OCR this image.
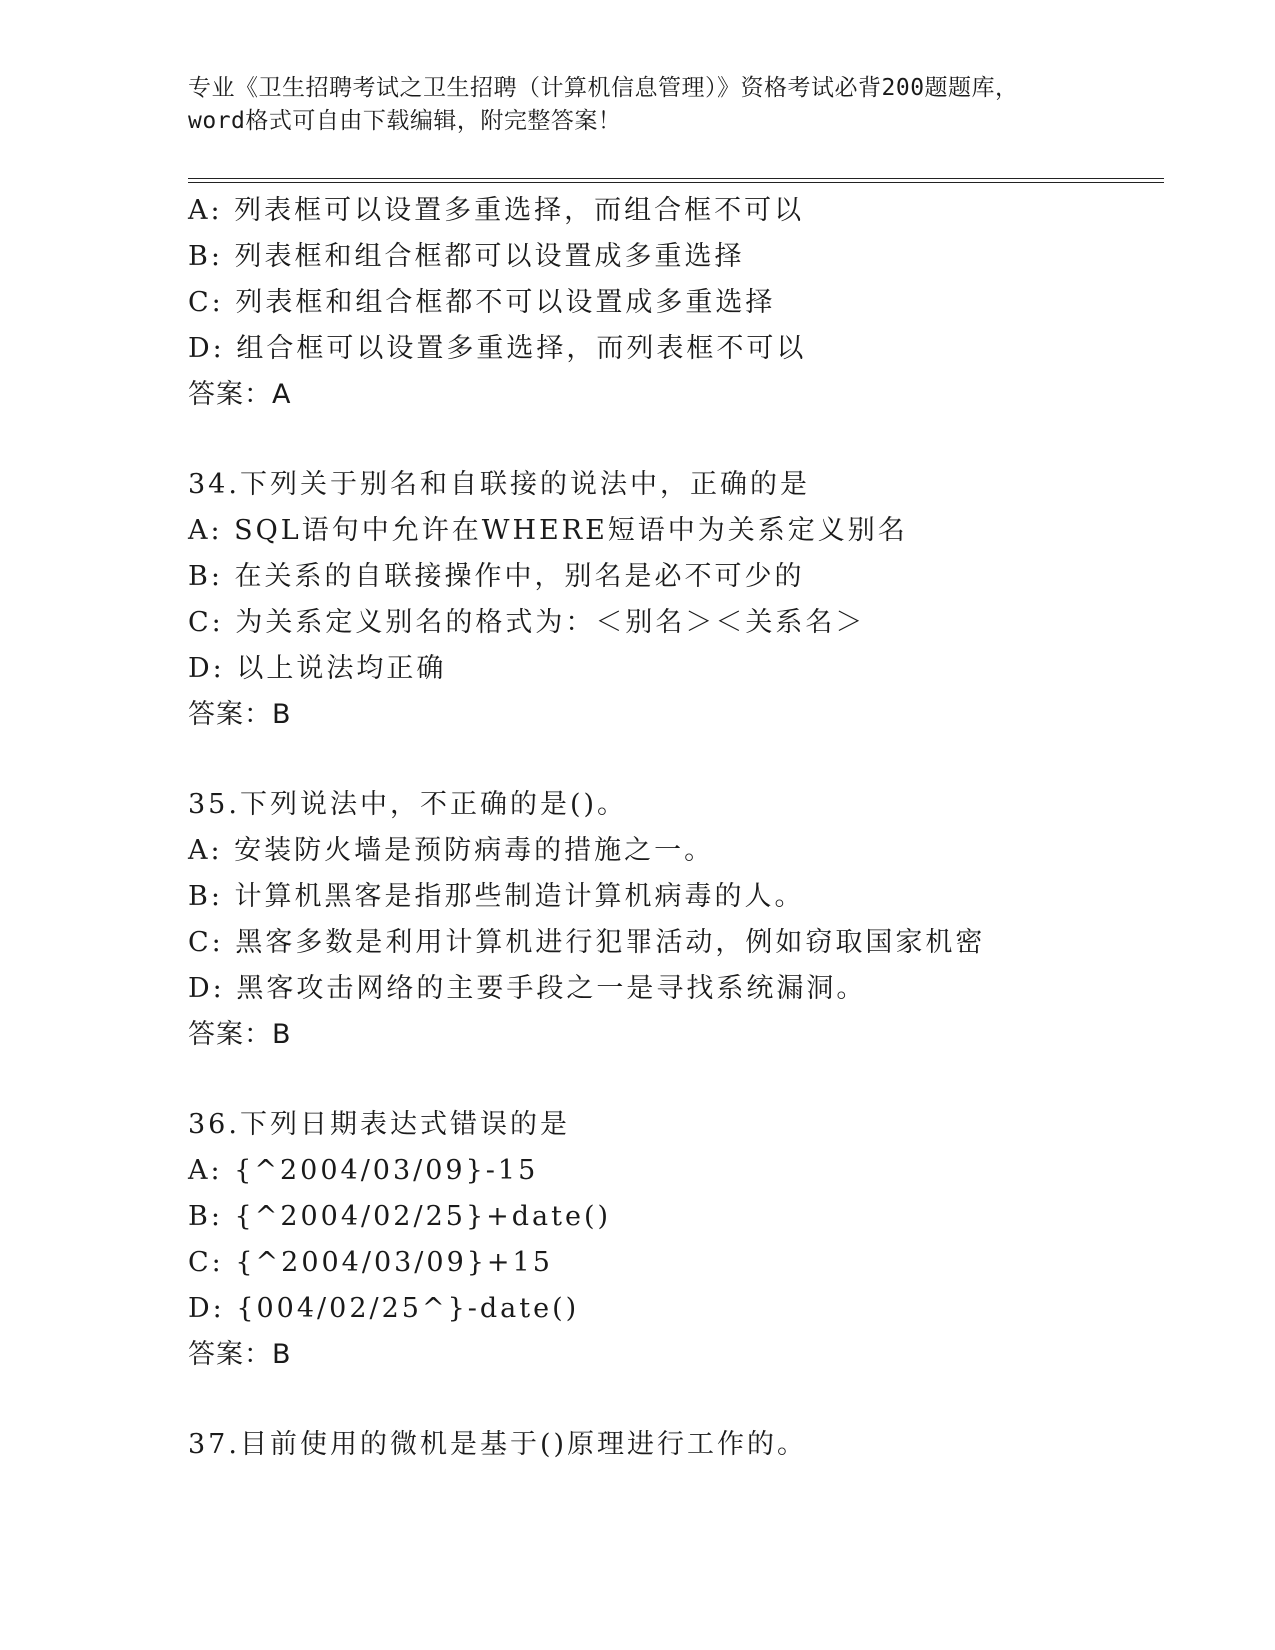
专业《卫生招聘考试之卫生招聘（计算机信息管理）》资格考试必背200题题库，
word格式可自由下载编辑，附完整答案！
A: 列表框可以设置多重选择，而组合框不可以
B: 列表框和组合框都可以设置成多重选择
C: 列表框和组合框都不可以设置成多重选择
D: 组合框可以设置多重选择，而列表框不可以
答案：A
34.下列关于别名和自联接的说法中，正确的是
A: SQL语句中允许在WHERE短语中为关系定义别名
B: 在关系的自联接操作中，别名是必不可少的
C: 为关系定义别名的格式为：＜别名＞＜关系名＞
D: 以上说法均正确
答案：B
35.下列说法中，不正确的是()。
A: 安装防火墙是预防病毒的措施之一。
B: 计算机黑客是指那些制造计算机病毒的人。
C: 黑客多数是利用计算机进行犯罪活动，例如窃取国家机密
D: 黑客攻击网络的主要手段之一是寻找系统漏洞。
答案：B
36.下列日期表达式错误的是
A: {^2004/03/09}-15
B: {^2004/02/25}+date()
C: {^2004/03/09}+15
D: {004/02/25^}-date()
答案：B
37.目前使用的微机是基于()原理进行工作的。
